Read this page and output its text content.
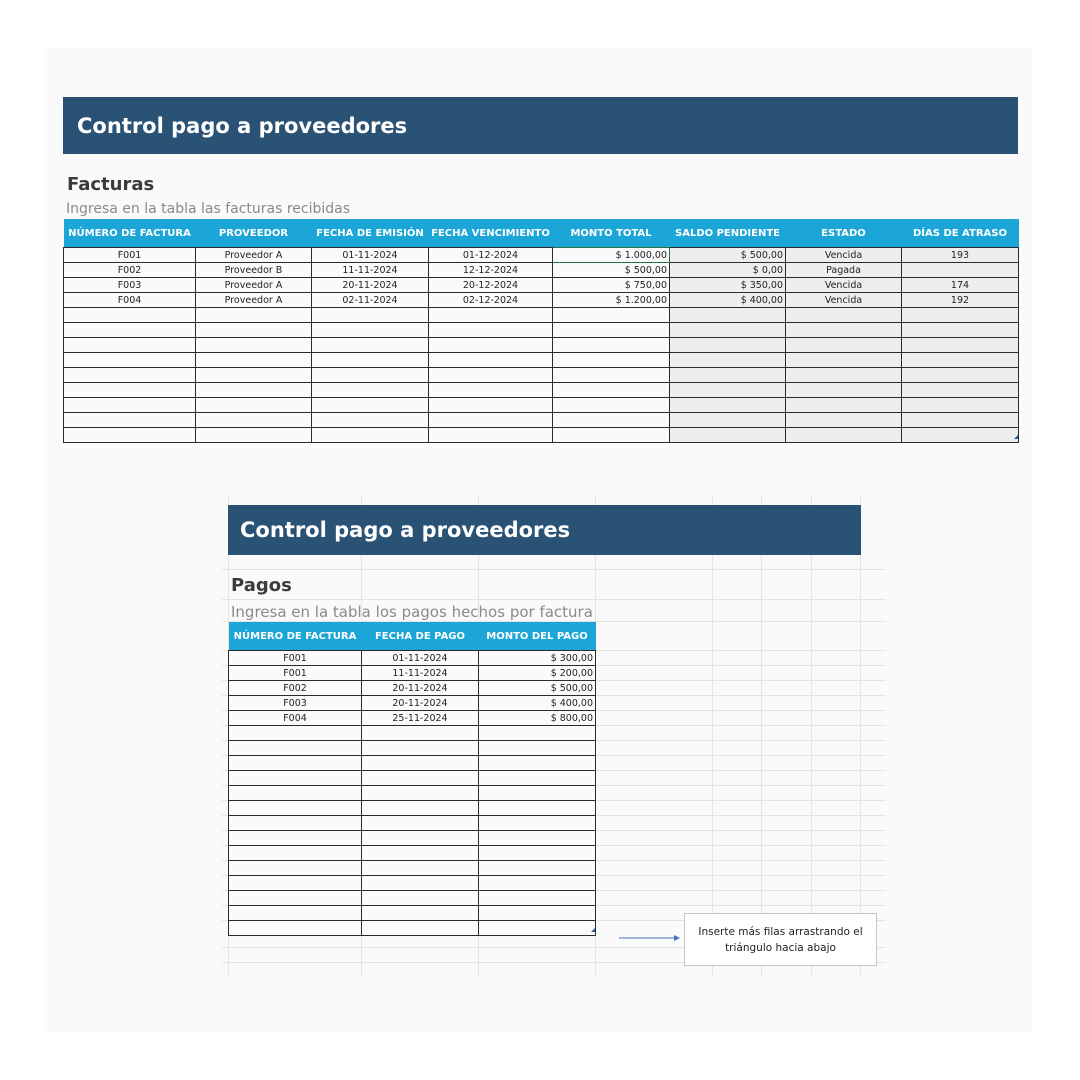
Control pago a proveedores
Facturas
Ingresa en la tabla las facturas recibidas
NÚMERO DE FACTURA	PROVEEDOR	FECHA DE EMISIÓN	FECHA VENCIMIENTO	MONTO TOTAL	SALDO PENDIENTE	ESTADO	DÍAS DE ATRASO
F001	Proveedor A	01-11-2024	01-12-2024	$ 1.000,00	$ 500,00	Vencida	193
F002	Proveedor B	11-11-2024	12-12-2024	$ 500,00	$ 0,00	Pagada	
F003	Proveedor A	20-11-2024	20-12-2024	$ 750,00	$ 350,00	Vencida	174
F004	Proveedor A	02-11-2024	02-12-2024	$ 1.200,00	$ 400,00	Vencida	192

Control pago a proveedores
Pagos
Ingresa en la tabla los pagos hechos por factura
NÚMERO DE FACTURA	FECHA DE PAGO	MONTO DEL PAGO
F001	01-11-2024	$ 300,00
F001	11-11-2024	$ 200,00
F002	20-11-2024	$ 500,00
F003	20-11-2024	$ 400,00
F004	25-11-2024	$ 800,00

Inserte más filas arrastrando el triángulo hacia abajo
